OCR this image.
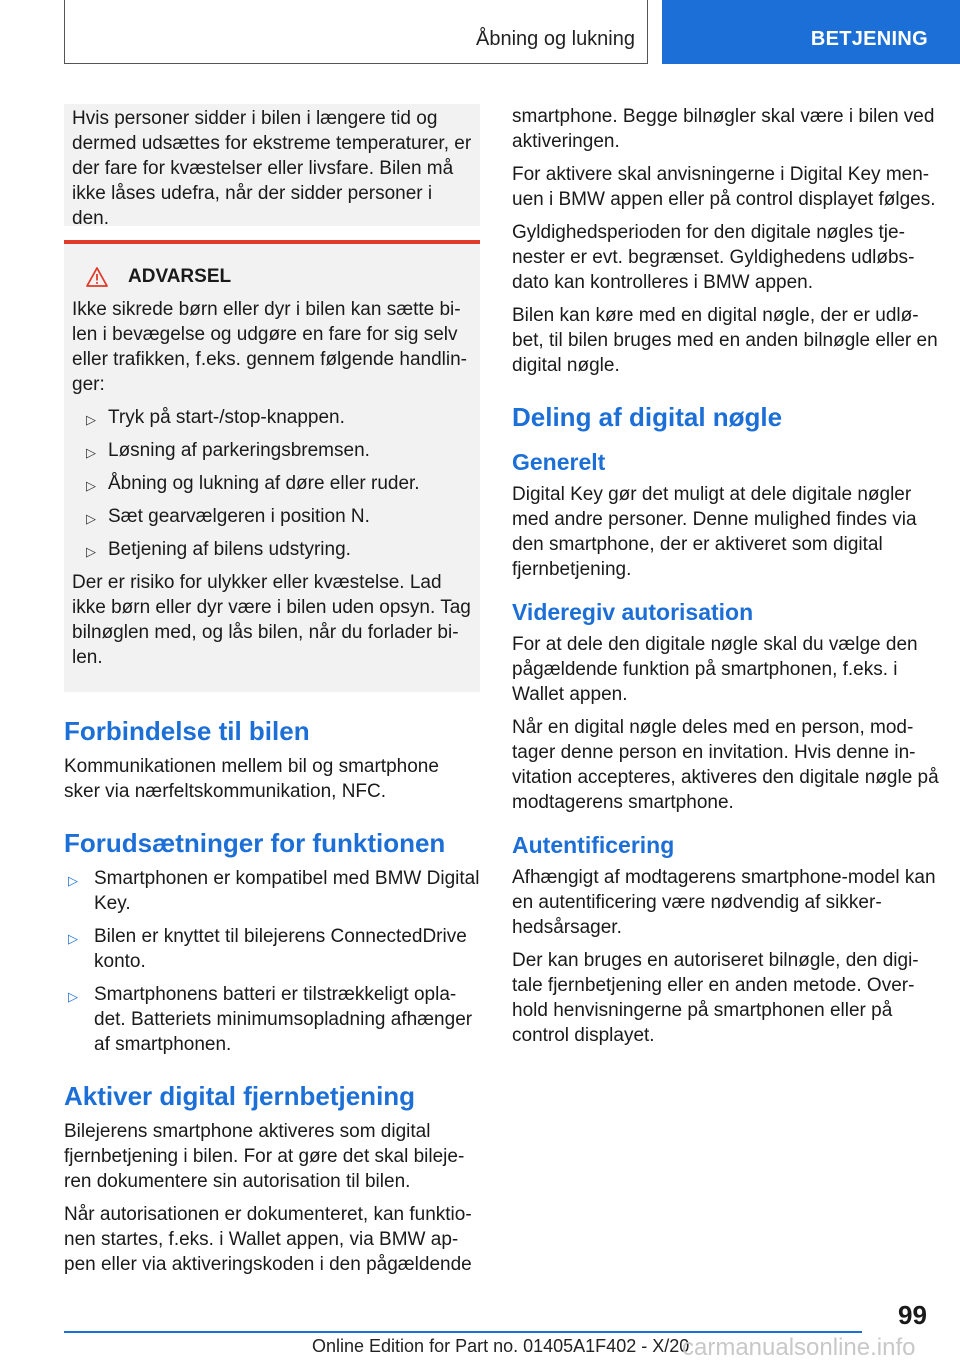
Åbning og lukning	BETJENING

Hvis personer sidder i bilen i længere tid og dermed udsættes for ekstreme temperaturer, er der fare for kvæstelser eller livsfare. Bilen må ikke låses udefra, når der sidder personer i den.

ADVARSEL

Ikke sikrede børn eller dyr i bilen kan sætte bilen i bevægelse og udgøre en fare for sig selv eller trafikken, f.eks. gennem følgende handlinger:

▷ Tryk på start-/stop-knappen.
▷ Løsning af parkeringsbremsen.
▷ Åbning og lukning af døre eller ruder.
▷ Sæt gearvælgeren i position N.
▷ Betjening af bilens udstyring.

Der er risiko for ulykker eller kvæstelse. Lad ikke børn eller dyr være i bilen uden opsyn. Tag bilnøglen med, og lås bilen, når du forlader bilen.

Forbindelse til bilen

Kommunikationen mellem bil og smartphone sker via nærfeltskommunikation, NFC.

Forudsætninger for funktionen
▷ Smartphonen er kompatibel med BMW Digital Key.
▷ Bilen er knyttet til bilejerens ConnectedDrive konto.
▷ Smartphonens batteri er tilstrækkeligt opladet. Batteriets minimumsopladning afhænger af smartphonen.
Aktiver digital fjernbetjening

Bilejerens smartphone aktiveres som digital fjernbetjening i bilen. For at gøre det skal bilejeren dokumentere sin autorisation til bilen.

Når autorisationen er dokumenteret, kan funktionen startes, f.eks. i Wallet appen, via BMW appen eller via aktiveringskoden i den pågældende

smartphone. Begge bilnøgler skal være i bilen ved aktiveringen.

For aktivere skal anvisningerne i Digital Key menuen i BMW appen eller på control displayet følges.

Gyldighedsperioden for den digitale nøgles tjenester er evt. begrænset. Gyldighedens udløbsdato kan kontrolleres i BMW appen.

Bilen kan køre med en digital nøgle, der er udløbet, til bilen bruges med en anden bilnøgle eller en digital nøgle.

Deling af digital nøgle
Generelt

Digital Key gør det muligt at dele digitale nøgler med andre personer. Denne mulighed findes via den smartphone, der er aktiveret som digital fjernbetjening.

Videregiv autorisation

For at dele den digitale nøgle skal du vælge den pågældende funktion på smartphonen, f.eks. i Wallet appen.

Når en digital nøgle deles med en person, modtager denne person en invitation. Hvis denne invitation accepteres, aktiveres den digitale nøgle på modtagerens smartphone.

Autentificering

Afhængigt af modtagerens smartphone-model kan en autentificering være nødvendig af sikkerhedsårsager.

Der kan bruges en autoriseret bilnøgle, den digitale fjernbetjening eller en anden metode. Overhold henvisningerne på smartphonen eller på control displayet.

99
Online Edition for Part no. 01405A1F402 - X/20
carmanualsonline.info
